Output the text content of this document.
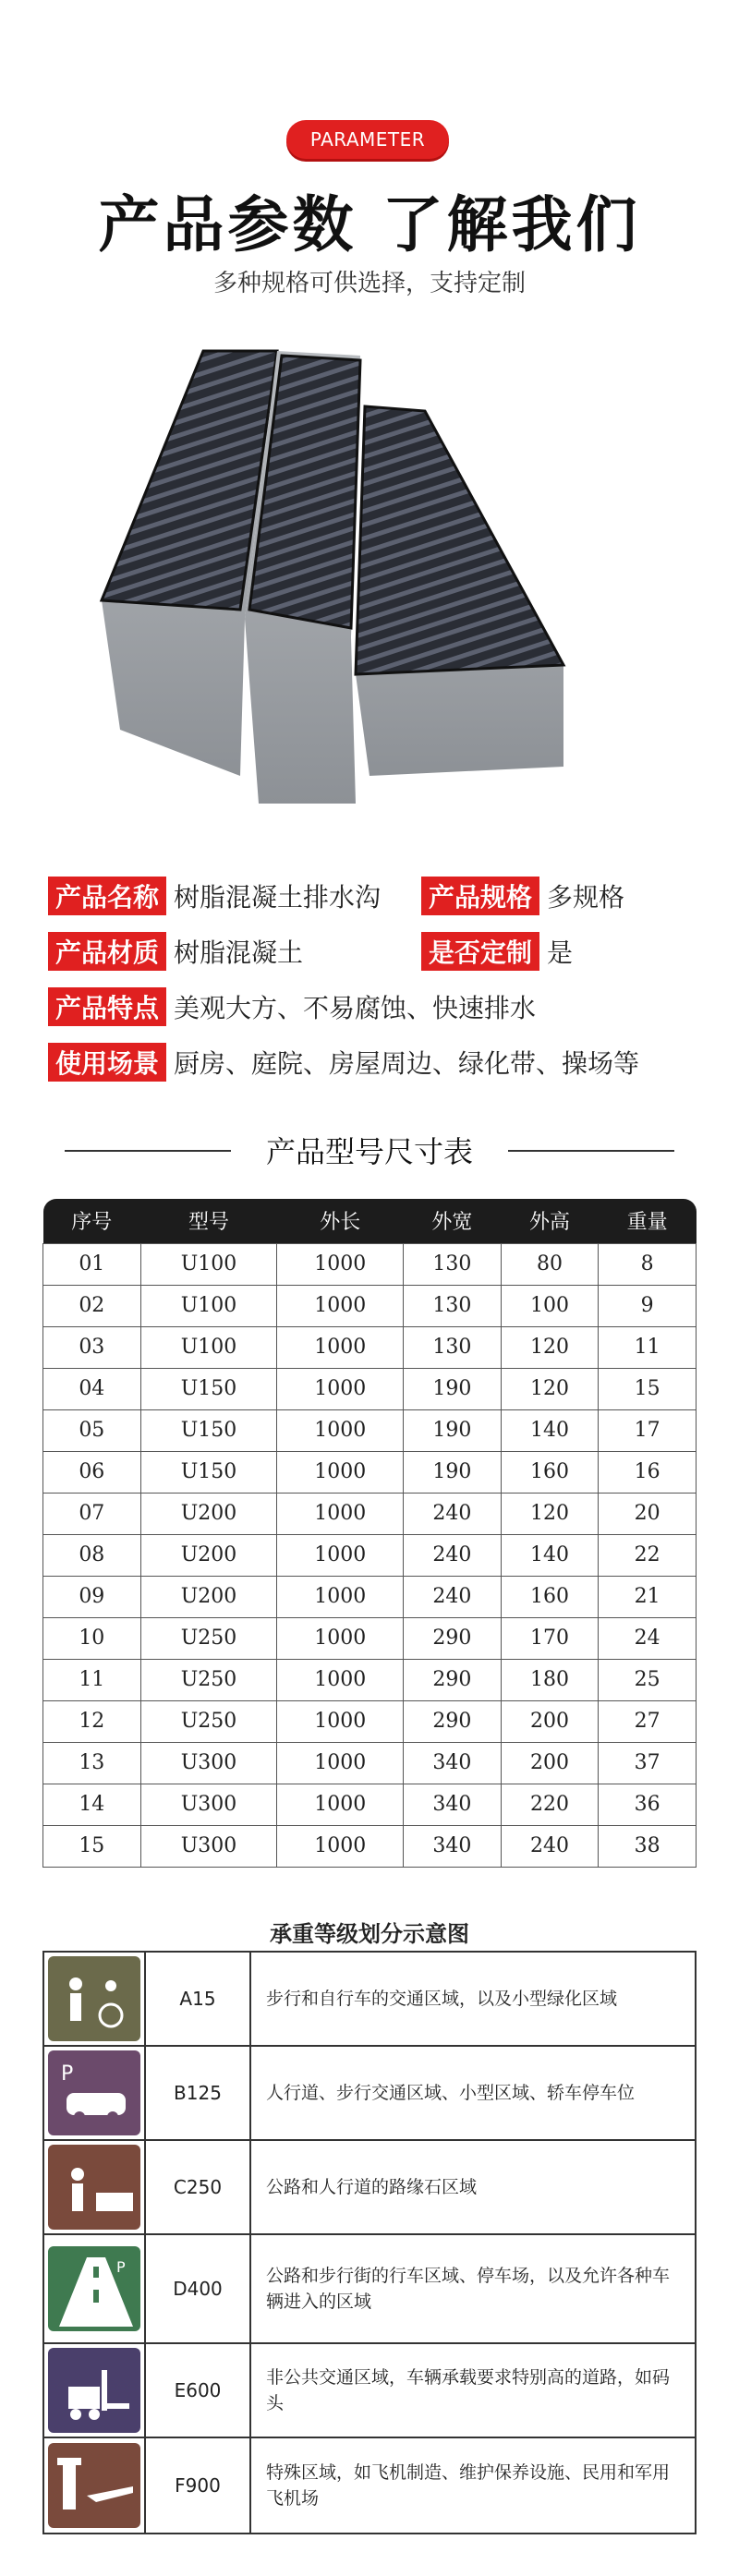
PARAMETER
产品参数 了解我们
多种规格可供选择，支持定制
产品名称 树脂混凝土排水沟 产品规格 多规格
产品材质 树脂混凝土	是否定制 是
产品特点 美观大方、不易腐蚀、快速排水
使用场景 厨房、庭院、房屋周边、绿化带、操场等
产品型号尺寸表
序号	型号	外长	外宽	外高	重量
01	U100	1000	130	80	8
02	U100	1000	130	100	9
03	U100	1000	130	120	11
04	U150	1000	190	120	15
05	U150	1000	190	140	17
06	U150	1000	190	160	16
07	U200	1000	240	120	20
08	U200	1000	240	140	22
09	U200	1000	240	160	21
10	U250	1000	290	170	24
11	U250	1000	290	180	25
12	U250	1000	290	200	27
13	U300	1000	340	200	37
14	U300	1000	340	220	36
15	U300	1000	340	240	38
承重等级划分示意图
	A15	步行和自行车的交通区域，以及小型绿化区域

P	B125	人行道、步行交通区域、小型区域、轿车停车位

	C250	公路和人行道的路缘石区域

P	D400	公路和步行街的行车区域、停车场，以及允许各种车辆进入的区域

	E600	非公共交通区域，车辆承载要求特别高的道路，如码头

	F900	特殊区域，如飞机制造、维护保养设施、民用和军用飞机场
